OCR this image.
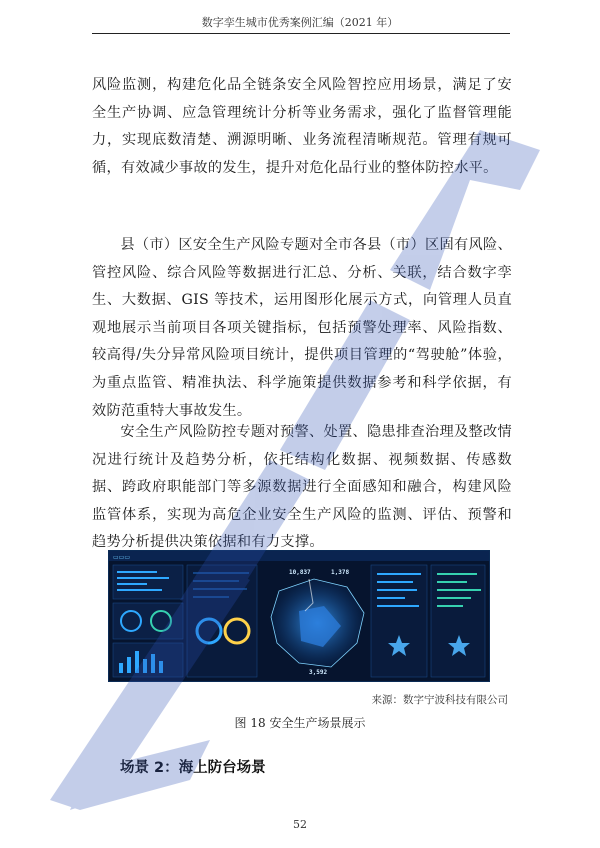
数字孪生城市优秀案例汇编（2021 年）
风险监测，构建危化品全链条安全风险智控应用场景，满足了安全生产协调、应急管理统计分析等业务需求，强化了监督管理能力，实现底数清楚、溯源明晰、业务流程清晰规范。管理有规可循，有效减少事故的发生，提升对危化品行业的整体防控水平。
县（市）区安全生产风险专题对全市各县（市）区固有风险、管控风险、综合风险等数据进行汇总、分析、关联，结合数字孪生、大数据、GIS 等技术，运用图形化展示方式，向管理人员直观地展示当前项目各项关键指标，包括预警处理率、风险指数、较高得/失分异常风险项目统计，提供项目管理的“驾驶舱”体验，为重点监管、精准执法、科学施策提供数据参考和科学依据，有效防范重特大事故发生。
安全生产风险防控专题对预警、处置、隐患排查治理及整改情况进行统计及趋势分析，依托结构化数据、视频数据、传感数据、跨政府职能部门等多源数据进行全面感知和融合，构建风险监管体系，实现为高危企业安全生产风险的监测、评估、预警和趋势分析提供决策依据和有力支撑。
▭▭▭
10,837	1,378
3,592
来源：数字宁波科技有限公司
图 18 安全生产场景展示
场景 2：海上防台场景
52
